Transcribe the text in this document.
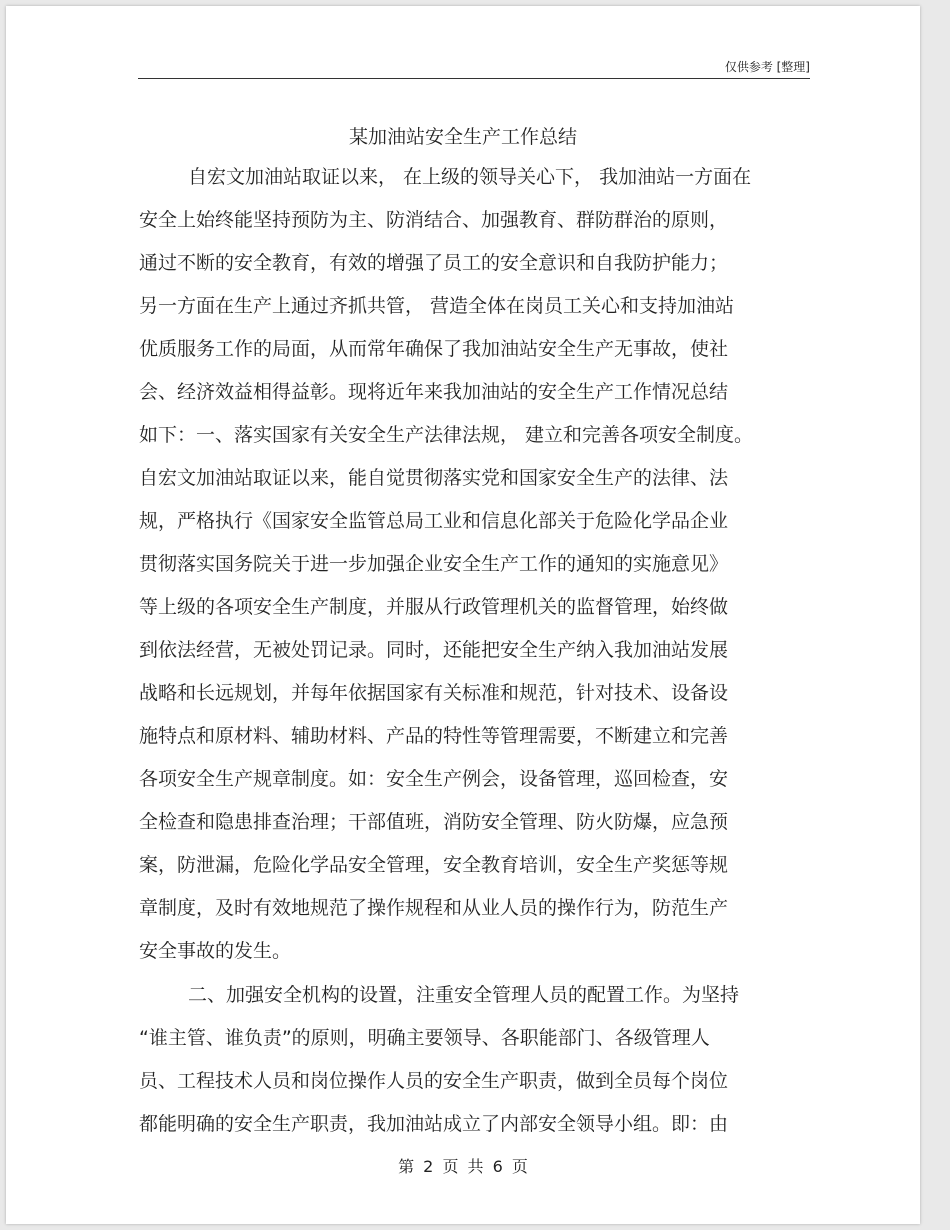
仅供参考 [整理]
某加油站安全生产工作总结
自宏文加油站取证以来， 在上级的领导关心下， 我加油站一方面在
安全上始终能坚持预防为主、防消结合、加强教育、群防群治的原则，
通过不断的安全教育，有效的增强了员工的安全意识和自我防护能力；
另一方面在生产上通过齐抓共管， 营造全体在岗员工关心和支持加油站
优质服务工作的局面，从而常年确保了我加油站安全生产无事故，使社
会、经济效益相得益彰。现将近年来我加油站的安全生产工作情况总结
如下：一、落实国家有关安全生产法律法规， 建立和完善各项安全制度。
自宏文加油站取证以来，能自觉贯彻落实党和国家安全生产的法律、法
规，严格执行《国家安全监管总局工业和信息化部关于危险化学品企业
贯彻落实国务院关于进一步加强企业安全生产工作的通知的实施意见》
等上级的各项安全生产制度，并服从行政管理机关的监督管理，始终做
到依法经营，无被处罚记录。同时，还能把安全生产纳入我加油站发展
战略和长远规划，并每年依据国家有关标准和规范，针对技术、设备设
施特点和原材料、辅助材料、产品的特性等管理需要，不断建立和完善
各项安全生产规章制度。如：安全生产例会，设备管理，巡回检查，安
全检查和隐患排查治理；干部值班，消防安全管理、防火防爆，应急预
案，防泄漏，危险化学品安全管理，安全教育培训，安全生产奖惩等规
章制度，及时有效地规范了操作规程和从业人员的操作行为，防范生产
安全事故的发生。
二、加强安全机构的设置，注重安全管理人员的配置工作。为坚持
“谁主管、谁负责”的原则，明确主要领导、各职能部门、各级管理人
员、工程技术人员和岗位操作人员的安全生产职责，做到全员每个岗位
都能明确的安全生产职责，我加油站成立了内部安全领导小组。即：由
第 2 页 共 6 页
